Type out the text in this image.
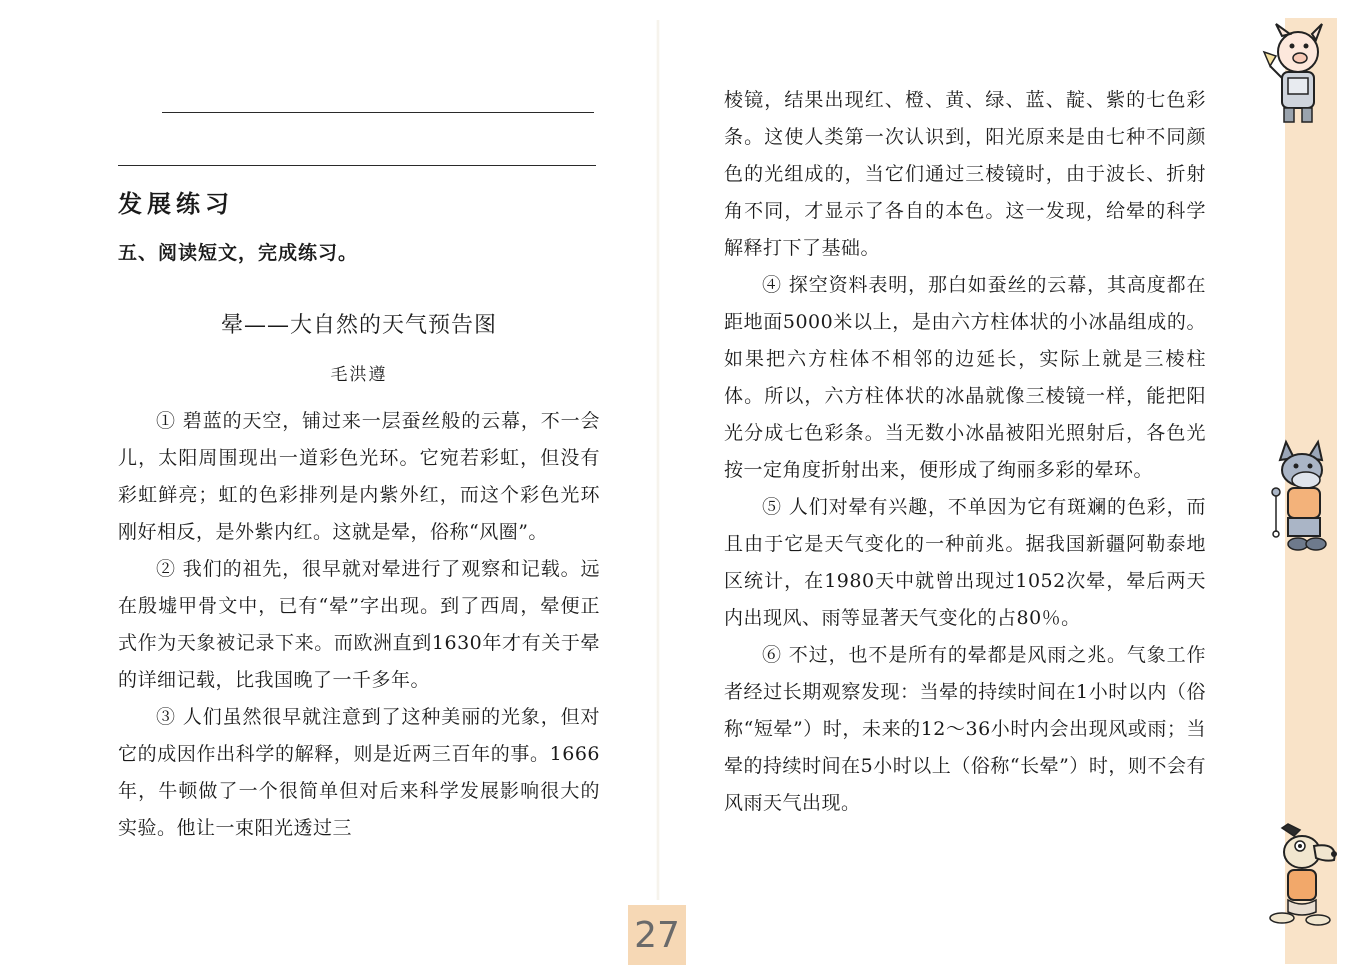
发展练习
五、阅读短文，完成练习。
晕——大自然的天气预告图
毛洪遵

① 碧蓝的天空，铺过来一层蚕丝般的云幕，不一会儿，太阳周围现出一道彩色光环。它宛若彩虹，但没有彩虹鲜亮；虹的色彩排列是内紫外红，而这个彩色光环刚好相反，是外紫内红。这就是晕，俗称“风圈”。

② 我们的祖先，很早就对晕进行了观察和记载。远在殷墟甲骨文中，已有“晕”字出现。到了西周，晕便正式作为天象被记录下来。而欧洲直到1630年才有关于晕的详细记载，比我国晚了一千多年。

③ 人们虽然很早就注意到了这种美丽的光象，但对它的成因作出科学的解释，则是近两三百年的事。1666年，牛顿做了一个很简单但对后来科学发展影响很大的实验。他让一束阳光透过三

棱镜，结果出现红、橙、黄、绿、蓝、靛、紫的七色彩条。这使人类第一次认识到，阳光原来是由七种不同颜色的光组成的，当它们通过三棱镜时，由于波长、折射角不同，才显示了各自的本色。这一发现，给晕的科学解释打下了基础。

④ 探空资料表明，那白如蚕丝的云幕，其高度都在距地面5000米以上，是由六方柱体状的小冰晶组成的。如果把六方柱体不相邻的边延长，实际上就是三棱柱体。所以，六方柱体状的冰晶就像三棱镜一样，能把阳光分成七色彩条。当无数小冰晶被阳光照射后，各色光按一定角度折射出来，便形成了绚丽多彩的晕环。

⑤ 人们对晕有兴趣，不单因为它有斑斓的色彩，而且由于它是天气变化的一种前兆。据我国新疆阿勒泰地区统计，在1980天中就曾出现过1052次晕，晕后两天内出现风、雨等显著天气变化的占80％。

⑥ 不过，也不是所有的晕都是风雨之兆。气象工作者经过长期观察发现：当晕的持续时间在1小时以内（俗称“短晕”）时，未来的12～36小时内会出现风或雨；当晕的持续时间在5小时以上（俗称“长晕”）时，则不会有风雨天气出现。

27
